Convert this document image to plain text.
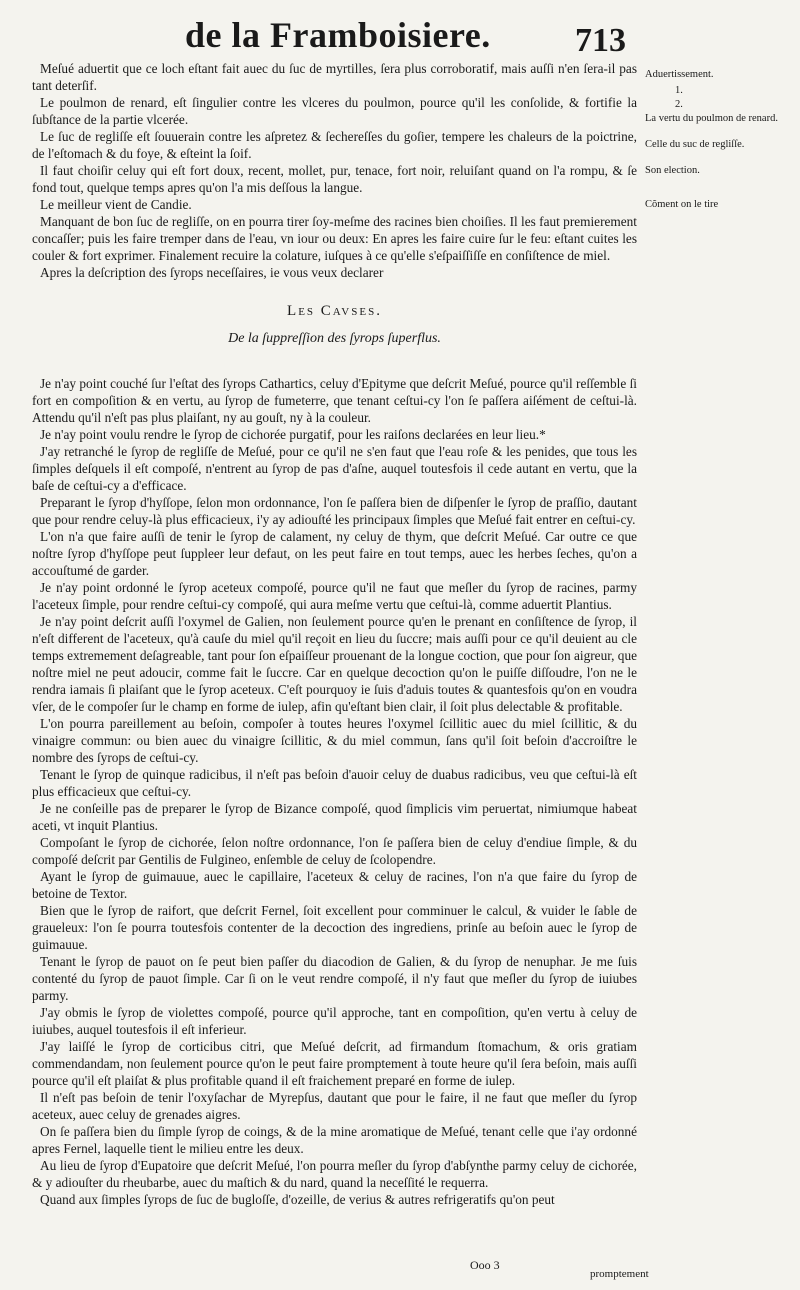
de la Framboisiere. 713
Aduertissement.
1.
2.
La vertu du poulmon de renard.
Celle du suc de regliſſe.
Son election.
Cõment on le tire

Meſué aduertit que ce loch eſtant fait auec du ſuc de myrtilles, ſera plus corroboratif, mais auſſi n'en ſera-il pas tant deterſif.

Le poulmon de renard, eſt ſingulier contre les vlceres du poulmon, pource qu'il les conſolide, & fortifie la ſubſtance de la partie vlcerée.

Le ſuc de regliſſe eſt ſouuerain contre les aſpretez & ſechereſſes du goſier, tempere les chaleurs de la poictrine, de l'eſtomach & du foye, & eſteint la ſoif.

Il faut choiſir celuy qui eſt fort doux, recent, mollet, pur, tenace, fort noir, reluiſant quand on l'a rompu, & ſe fond tout, quelque temps apres qu'on l'a mis deſſous la langue.

Le meilleur vient de Candie.

Manquant de bon ſuc de regliſſe, on en pourra tirer ſoy-meſme des racines bien choiſies. Il les faut premierement concaſſer; puis les faire tremper dans de l'eau, vn iour ou deux: En apres les faire cuire ſur le feu: eſtant cuites les couler & fort exprimer. Finalement recuire la colature, iuſques à ce qu'elle s'eſpaiſſiſſe en conſiſtence de miel.

Apres la deſcription des ſyrops neceſſaires, ie vous veux declarer

Les Cavses.
De la ſuppreſſion des ſyrops ſuperflus.

Je n'ay point couché ſur l'eſtat des ſyrops Cathartics, celuy d'Epityme que deſcrit Meſué, pource qu'il reſſemble ſi fort en compoſition & en vertu, au ſyrop de fumeterre, que tenant ceſtui-cy l'on ſe paſſera aiſément de ceſtui-là. Attendu qu'il n'eſt pas plus plaiſant, ny au gouſt, ny à la couleur.

Je n'ay point voulu rendre le ſyrop de cichorée purgatif, pour les raiſons declarées en leur lieu.*

J'ay retranché le ſyrop de regliſſe de Meſué, pour ce qu'il ne s'en faut que l'eau roſe & les penides, que tous les ſimples deſquels il eſt compoſé, n'entrent au ſyrop de pas d'aſne, auquel toutesfois il cede autant en vertu, que la baſe de ceſtui-cy a d'efficace.

Preparant le ſyrop d'hyſſope, ſelon mon ordonnance, l'on ſe paſſera bien de diſpenſer le ſyrop de praſſio, dautant que pour rendre celuy-là plus efficacieux, i'y ay adiouſté les principaux ſimples que Meſué fait entrer en ceſtui-cy.

L'on n'a que faire auſſi de tenir le ſyrop de calament, ny celuy de thym, que deſcrit Meſué. Car outre ce que noſtre ſyrop d'hyſſope peut ſuppleer leur defaut, on les peut faire en tout temps, auec les herbes ſeches, qu'on a accouſtumé de garder.

Je n'ay point ordonné le ſyrop aceteux compoſé, pource qu'il ne faut que meſler du ſyrop de racines, parmy l'aceteux ſimple, pour rendre ceſtui-cy compoſé, qui aura meſme vertu que ceſtui-là, comme aduertit Plantius.

Je n'ay point deſcrit auſſi l'oxymel de Galien, non ſeulement pource qu'en le prenant en conſiſtence de ſyrop, il n'eſt different de l'aceteux, qu'à cauſe du miel qu'il reçoit en lieu du ſuccre; mais auſſi pour ce qu'il deuient au cle temps extremement deſagreable, tant pour ſon eſpaiſſeur prouenant de la longue coction, que pour ſon aigreur, que noſtre miel ne peut adoucir, comme fait le ſuccre. Car en quelque decoction qu'on le puiſſe diſſoudre, l'on ne le rendra iamais ſi plaiſant que le ſyrop aceteux. C'eſt pourquoy ie ſuis d'aduis toutes & quantesfois qu'on en voudra vſer, de le compoſer ſur le champ en forme de iulep, afin qu'eſtant bien clair, il ſoit plus delectable & profitable.

L'on pourra pareillement au beſoin, compoſer à toutes heures l'oxymel ſcillitic auec du miel ſcillitic, & du vinaigre commun: ou bien auec du vinaigre ſcillitic, & du miel commun, ſans qu'il ſoit beſoin d'accroiſtre le nombre des ſyrops de ceſtui-cy.

Tenant le ſyrop de quinque radicibus, il n'eſt pas beſoin d'auoir celuy de duabus radicibus, veu que ceſtui-là eſt plus efficacieux que ceſtui-cy.

Je ne conſeille pas de preparer le ſyrop de Bizance compoſé, quod ſimplicis vim peruertat, nimiumque habeat aceti, vt inquit Plantius.

Compoſant le ſyrop de cichorée, ſelon noſtre ordonnance, l'on ſe paſſera bien de celuy d'endiue ſimple, & du compoſé deſcrit par Gentilis de Fulgineo, enſemble de celuy de ſcolopendre.

Ayant le ſyrop de guimauue, auec le capillaire, l'aceteux & celuy de racines, l'on n'a que faire du ſyrop de betoine de Textor.

Bien que le ſyrop de raifort, que deſcrit Fernel, ſoit excellent pour comminuer le calcul, & vuider le ſable de graueleux: l'on ſe pourra toutesfois contenter de la decoction des ingrediens, prinſe au beſoin auec le ſyrop de guimauue.

Tenant le ſyrop de pauot on ſe peut bien paſſer du diacodion de Galien, & du ſyrop de nenuphar. Je me ſuis contenté du ſyrop de pauot ſimple. Car ſi on le veut rendre compoſé, il n'y faut que meſler du ſyrop de iuiubes parmy.

J'ay obmis le ſyrop de violettes compoſé, pource qu'il approche, tant en compoſition, qu'en vertu à celuy de iuiubes, auquel toutesfois il eſt inferieur.

J'ay laiſſé le ſyrop de corticibus citri, que Meſué deſcrit, ad firmandum ſtomachum, & oris gratiam commendandam, non ſeulement pource qu'on le peut faire promptement à toute heure qu'il ſera beſoin, mais auſſi pource qu'il eſt plaiſat & plus profitable quand il eſt fraichement preparé en forme de iulep.

Il n'eſt pas beſoin de tenir l'oxyſachar de Myrepſus, dautant que pour le faire, il ne faut que meſler du ſyrop aceteux, auec celuy de grenades aigres.

On ſe paſſera bien du ſimple ſyrop de coings, & de la mine aromatique de Meſué, tenant celle que i'ay ordonné apres Fernel, laquelle tient le milieu entre les deux.

Au lieu de ſyrop d'Eupatoire que deſcrit Meſué, l'on pourra meſler du ſyrop d'abſynthe parmy celuy de cichorée, & y adiouſter du rheubarbe, auec du maſtich & du nard, quand la neceſſité le requerra.

Quand aux ſimples ſyrops de ſuc de bugloſſe, d'ozeille, de verius & autres refrigeratifs qu'on peut

Ooo 3
promptement
